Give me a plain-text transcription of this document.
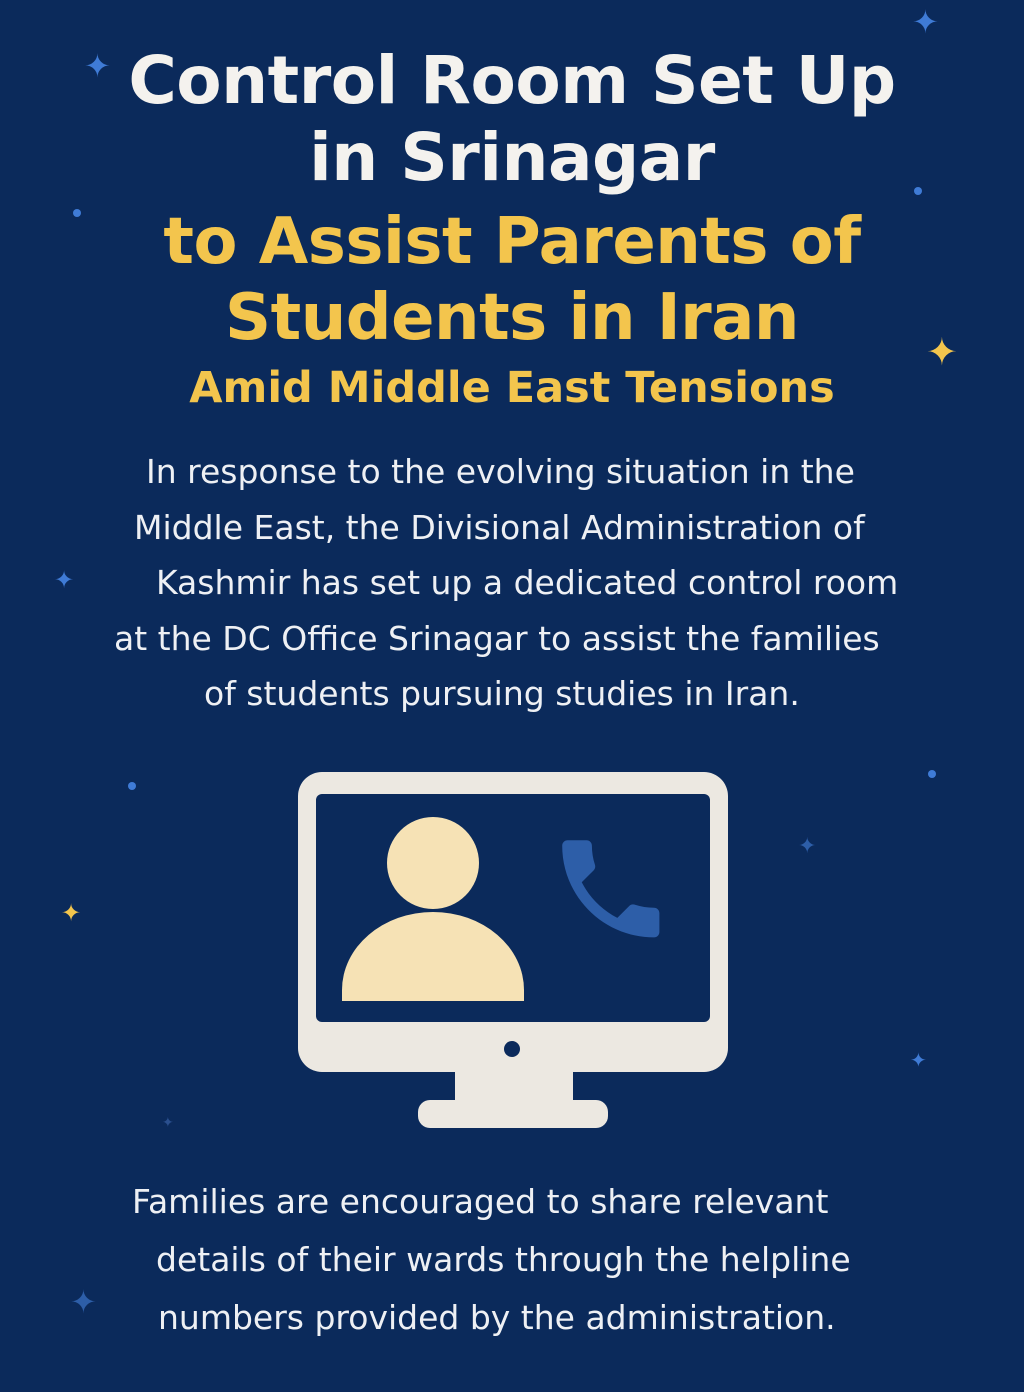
✦
✦
✦
✦
✦
✦
✦
✦
✦
Control Room Set Up
in Srinagar
to Assist Parents of
Students in Iran
Amid Middle East Tensions
In response to the evolving situation in the
Middle East, the Divisional Administration of
Kashmir has set up a dedicated control room
at the DC Office Srinagar to assist the families
of students pursuing studies in Iran.
Families are encouraged to share relevant
details of their wards through the helpline
numbers provided by the administration.
